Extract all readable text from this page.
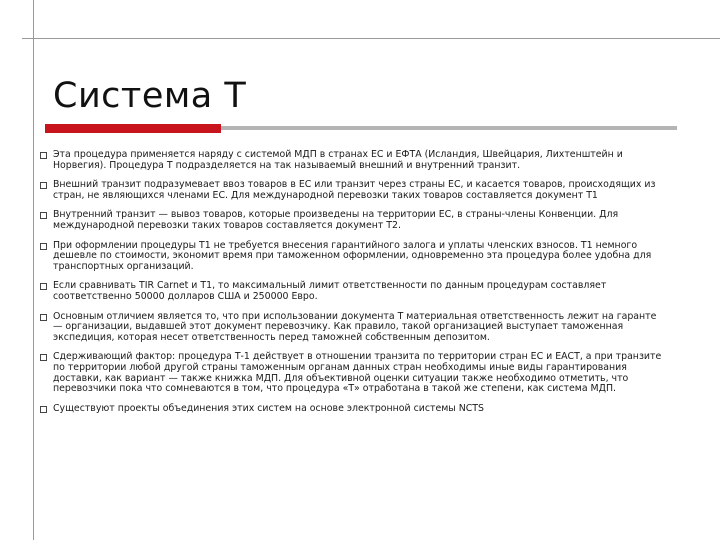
Система Т
Эта процедура применяется наряду с системой МДП в странах ЕС и ЕФТА (Исландия, Швейцария, Лихтенштейн и Норвегия). Процедура Т подразделяется на так называемый внешний и внутренний транзит.
Внешний транзит подразумевает ввоз товаров в ЕС или транзит через страны ЕС, и касается товаров, происходящих из стран, не являющихся членами ЕС. Для международной перевозки таких товаров составляется документ Т1
Внутренний транзит — вывоз товаров, которые произведены на территории ЕС, в страны-члены Конвенции. Для международной перевозки таких товаров составляется документ Т2.
При оформлении процедуры Т1 не требуется внесения гарантийного залога и уплаты членских взносов. Т1 немного дешевле по стоимости, экономит время при таможенном оформлении, одновременно эта процедура более удобна для транспортных организаций.
Если сравнивать TIR Carnet и Т1, то максимальный лимит ответственности по данным процедурам составляет соответственно 50000 долларов США и 250000 Евро.
Основным отличием является то, что при использовании документа Т материальная ответственность лежит на гаранте — организации, выдавшей этот документ перевозчику. Как правило, такой организацией выступает таможенная экспедиция, которая несет ответственность перед таможней собственным депозитом.
Сдерживающий фактор: процедура Т-1 действует в отношении транзита по территории стран ЕС и ЕАСТ, а при транзите по территории любой другой страны таможенным органам данных стран необходимы иные виды гарантирования доставки, как вариант — также книжка МДП. Для объективной оценки ситуации также необходимо отметить, что перевозчики пока что сомневаются в том, что процедура «Т» отработана в такой же степени, как система МДП.
Существуют проекты объединения этих систем на основе электронной системы NCTS
